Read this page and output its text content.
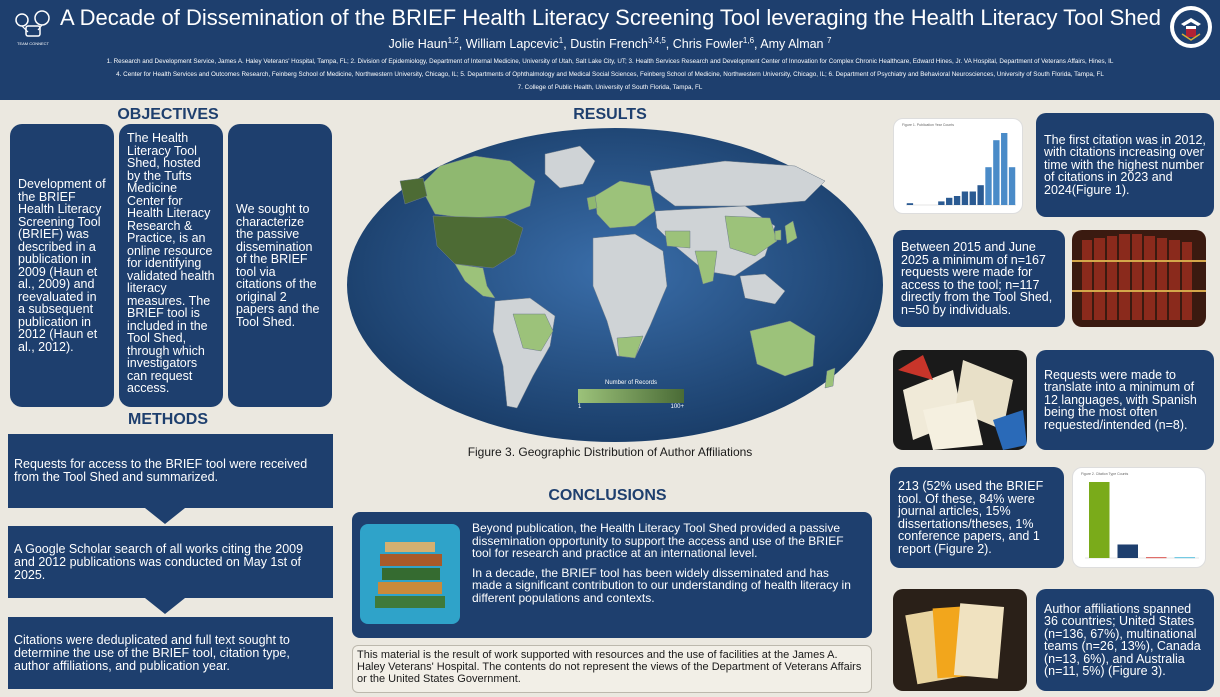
TEAM CONNECT
A Decade of Dissemination of the BRIEF Health Literacy Screening Tool leveraging the Health Literacy Tool Shed
Jolie Haun$^{1,2}$, William Lapcevic$^1$, Dustin French$^{3,4,5}$, Chris Fowler$^{1,6}$, Amy Alman $^7$
1. Research and Development Service, James A. Haley Veterans' Hospital, Tampa, FL; 2. Division of Epidemiology, Department of Internal Medicine, University of Utah, Salt Lake City, UT; 3. Health Services Research and Development Center of Innovation for Complex Chronic Healthcare, Edward Hines, Jr. VA Hospital, Department of Veterans Affairs, Hines, IL
4. Center for Health Services and Outcomes Research, Feinberg School of Medicine, Northwestern University, Chicago, IL; 5. Departments of Ophthalmology and Medical Social Sciences, Feinberg School of Medicine, Northwestern University, Chicago, IL; 6. Department of Psychiatry and Behavioral Neurosciences, University of South Florida, Tampa, FL
7. College of Public Health, University of South Florida, Tampa, FL
OBJECTIVES
Development of the BRIEF Health Literacy Screening Tool (BRIEF) was described in a publication in 2009 (Haun et al., 2009) and reevaluated in a subsequent publication in 2012 (Haun et al., 2012).
The Health Literacy Tool Shed, hosted by the Tufts Medicine Center for Health Literacy Research & Practice, is an online resource for identifying validated health literacy measures. The BRIEF tool is included in the Tool Shed, through which investigators can request access.
We sought to characterize the passive dissemination of the BRIEF tool via citations of the original 2 papers and the Tool Shed.
METHODS
Requests for access to the BRIEF tool were received from the Tool Shed and summarized.
A Google Scholar search of all works citing the 2009 and 2012 publications was conducted on May 1st of 2025.
Citations were deduplicated and full text sought to determine the use of the BRIEF tool, citation type, author affiliations, and publication year.
RESULTS
Number of Records
1	100+
Figure 3. Geographic Distribution of Author Affiliations
CONCLUSIONS

Beyond publication, the Health Literacy Tool Shed provided a passive dissemination opportunity to support the access and use of the BRIEF tool for research and practice at an international level.

In a decade, the BRIEF tool has been widely disseminated and has made a significant contribution to our understanding of health literacy in different populations and contexts.

This material is the result of work supported with resources and the use of facilities at the James A. Haley Veterans' Hospital. The contents do not represent the views of the Department of Veterans Affairs or the United States Government.
Figure 1. Publication Year Counts
The first citation was in 2012, with citations increasing over time with the highest number of citations in 2023 and 2024(Figure 1).
Between 2015 and June 2025 a minimum of n=167 requests were made for access to the tool; n=117 directly from the Tool Shed, n=50 by individuals.
Requests were made to translate into a minimum of 12 languages, with Spanish being the most often requested/intended (n=8).
213 (52% used the BRIEF tool. Of these, 84% were journal articles, 15% dissertations/theses, 1% conference papers, and 1 report (Figure 2).
Figure 2. Citation Type Counts
Author affiliations spanned 36 countries; United States (n=136, 67%), multinational teams (n=26, 13%), Canada (n=13, 6%), and Australia (n=11, 5%) (Figure 3).
